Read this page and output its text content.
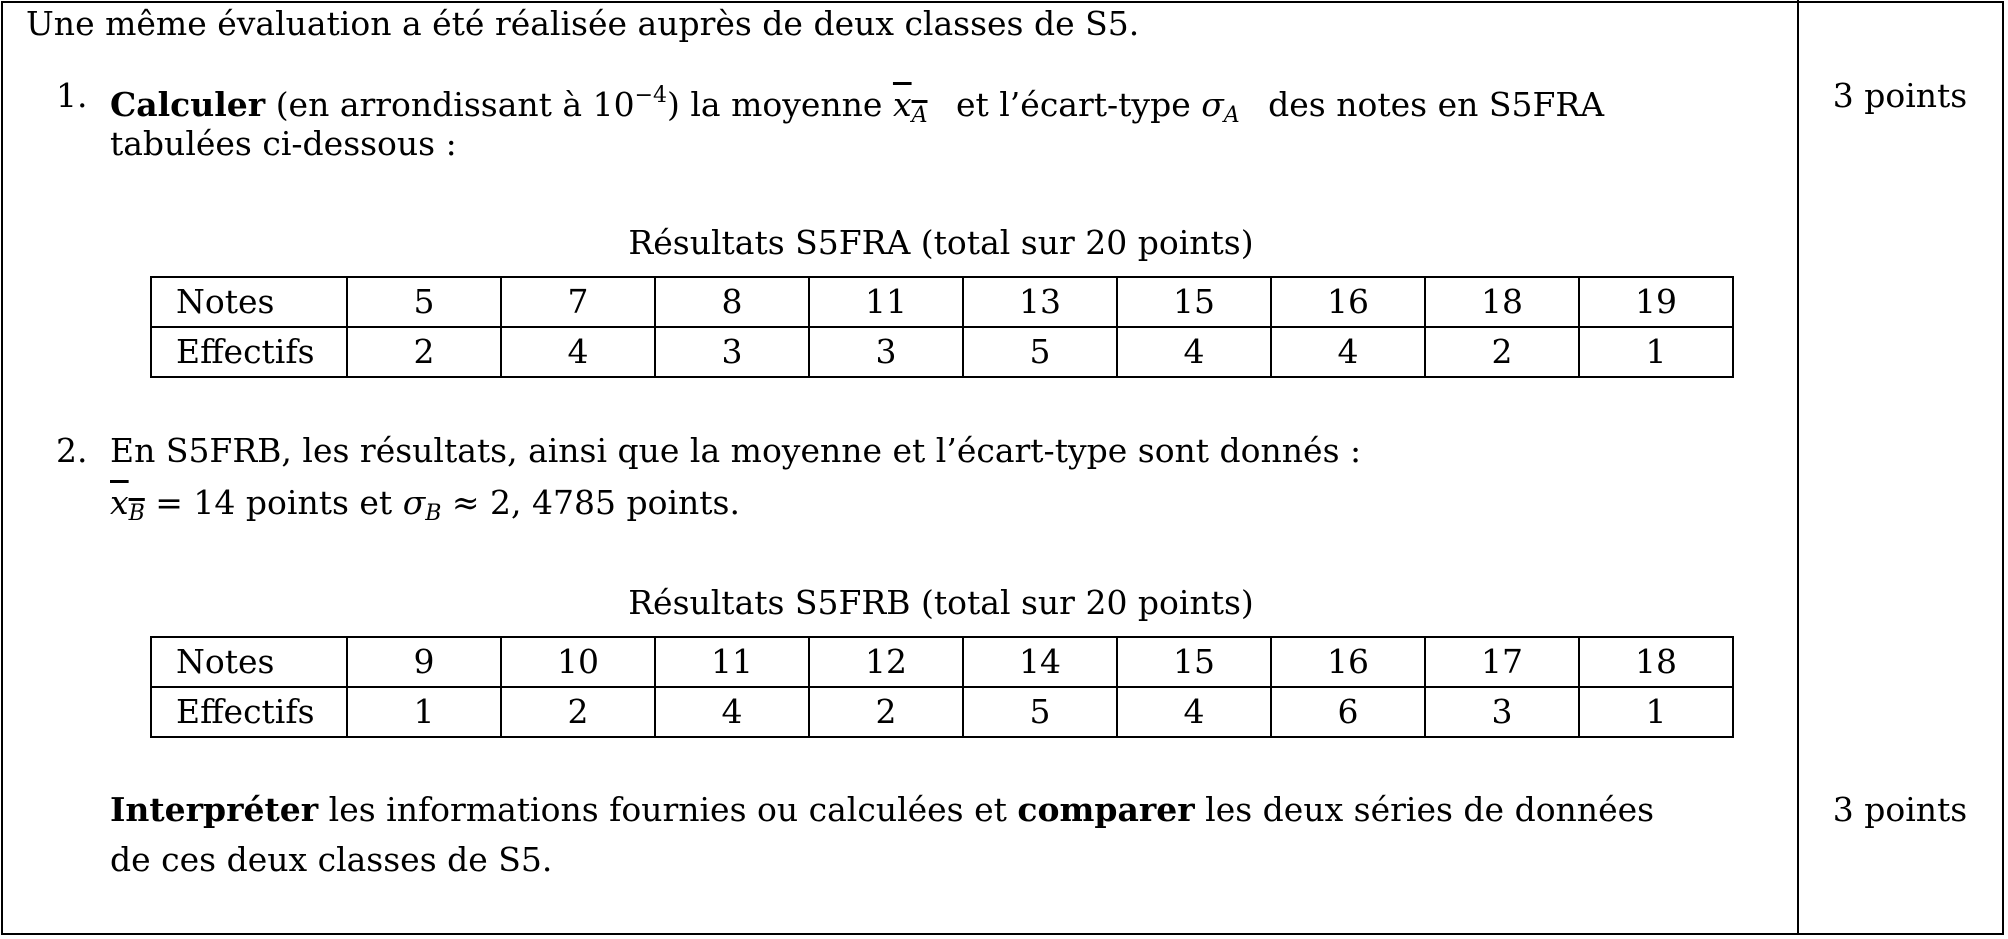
Une même évaluation a été réalisée auprès de deux classes de S5.
1. Calculer (en arrondissant à $10^{-4}$) la moyenne $x_A$ et l’écart-type $\sigma_A$ des notes en S5FRA
tabulées ci-dessous :
3 points
Résultats S5FRA (total sur 20 points)
Notes	5	7	8	11	13	15	16	18	19
Effectifs	2	4	3	3	5	4	4	2	1
2. En S5FRB, les résultats, ainsi que la moyenne et l’écart-type sont donnés :
$x_B = 14$ points et $\sigma_B \approx 2$, 4785 points.
Résultats S5FRB (total sur 20 points)
Notes	9	10	11	12	14	15	16	17	18
Effectifs	1	2	4	2	5	4	6	3	1
Interpréter les informations fournies ou calculées et comparer les deux séries de données
de ces deux classes de S5.
3 points
